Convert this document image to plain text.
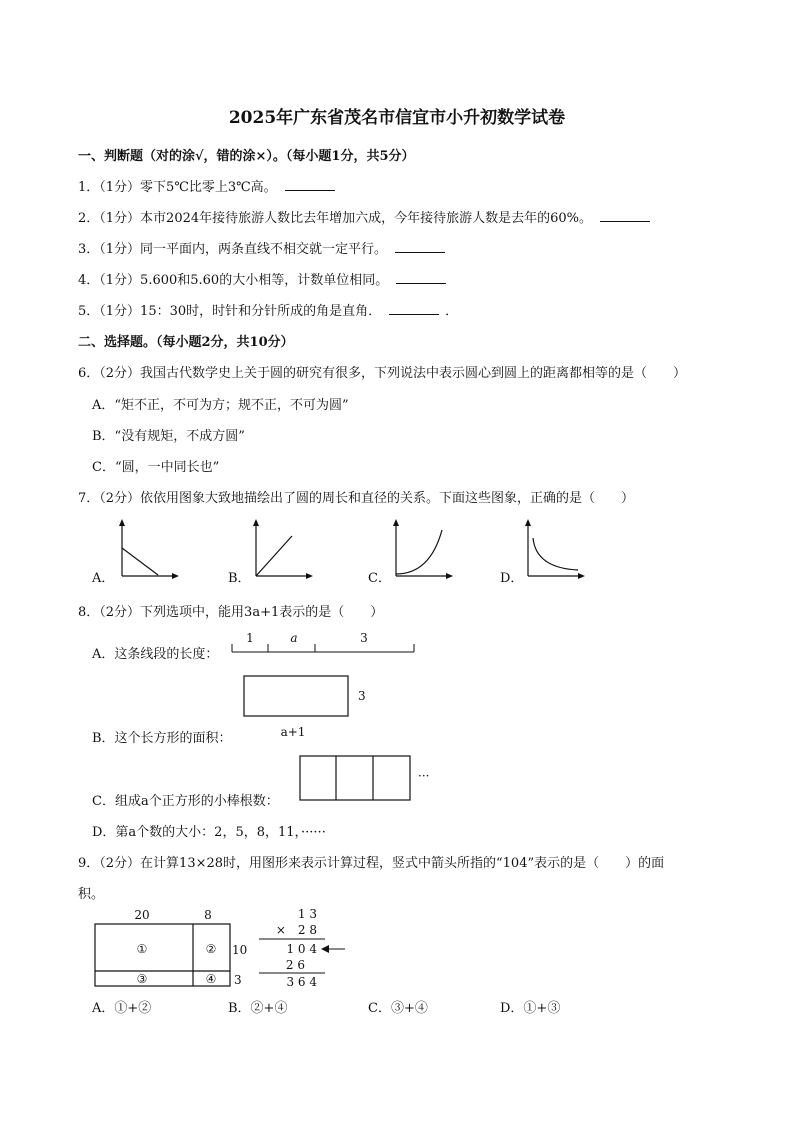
2025年广东省茂名市信宜市小升初数学试卷
一、判断题（对的涂√，错的涂×）。（每小题1分，共5分）
1．（1分）零下5℃比零上3℃高。
2．（1分）本市2024年接待旅游人数比去年增加六成，今年接待旅游人数是去年的60%。
3．（1分）同一平面内，两条直线不相交就一定平行。
4．（1分）5.600和5.60的大小相等，计数单位相同。
5．（1分）15：30时，时针和分针所成的角是直角．	．
二、选择题。（每小题2分，共10分）
6．（2分）我国古代数学史上关于圆的研究有很多，下列说法中表示圆心到圆上的距离都相等的是（　　）
A．“矩不正，不可为方；规不正，不可为圆”
B．“没有规矩，不成方圆”
C．“圆，一中同长也”
7．（2分）依依用图象大致地描绘出了圆的周长和直径的关系。下面这些图象，正确的是（　　）
A．	B．	C．	D．
8．（2分）下列选项中，能用3a+1表示的是（　　）
A．这条线段的长度：
1	a	3
3
a+1
B．这个长方形的面积：
···
C．组成a个正方形的小棒根数：
D．第a个数的大小：2，5，8，11，······
9．（2分）在计算13×28时，用图形来表示计算过程，竖式中箭头所指的“104”表示的是（　　）的面
积。
20	8
①	②
③	④
10
3
1 3
×　2 8
1 0 4
2 6
3 6 4
A．①+②	B．②+④	C．③+④	D．①+③
